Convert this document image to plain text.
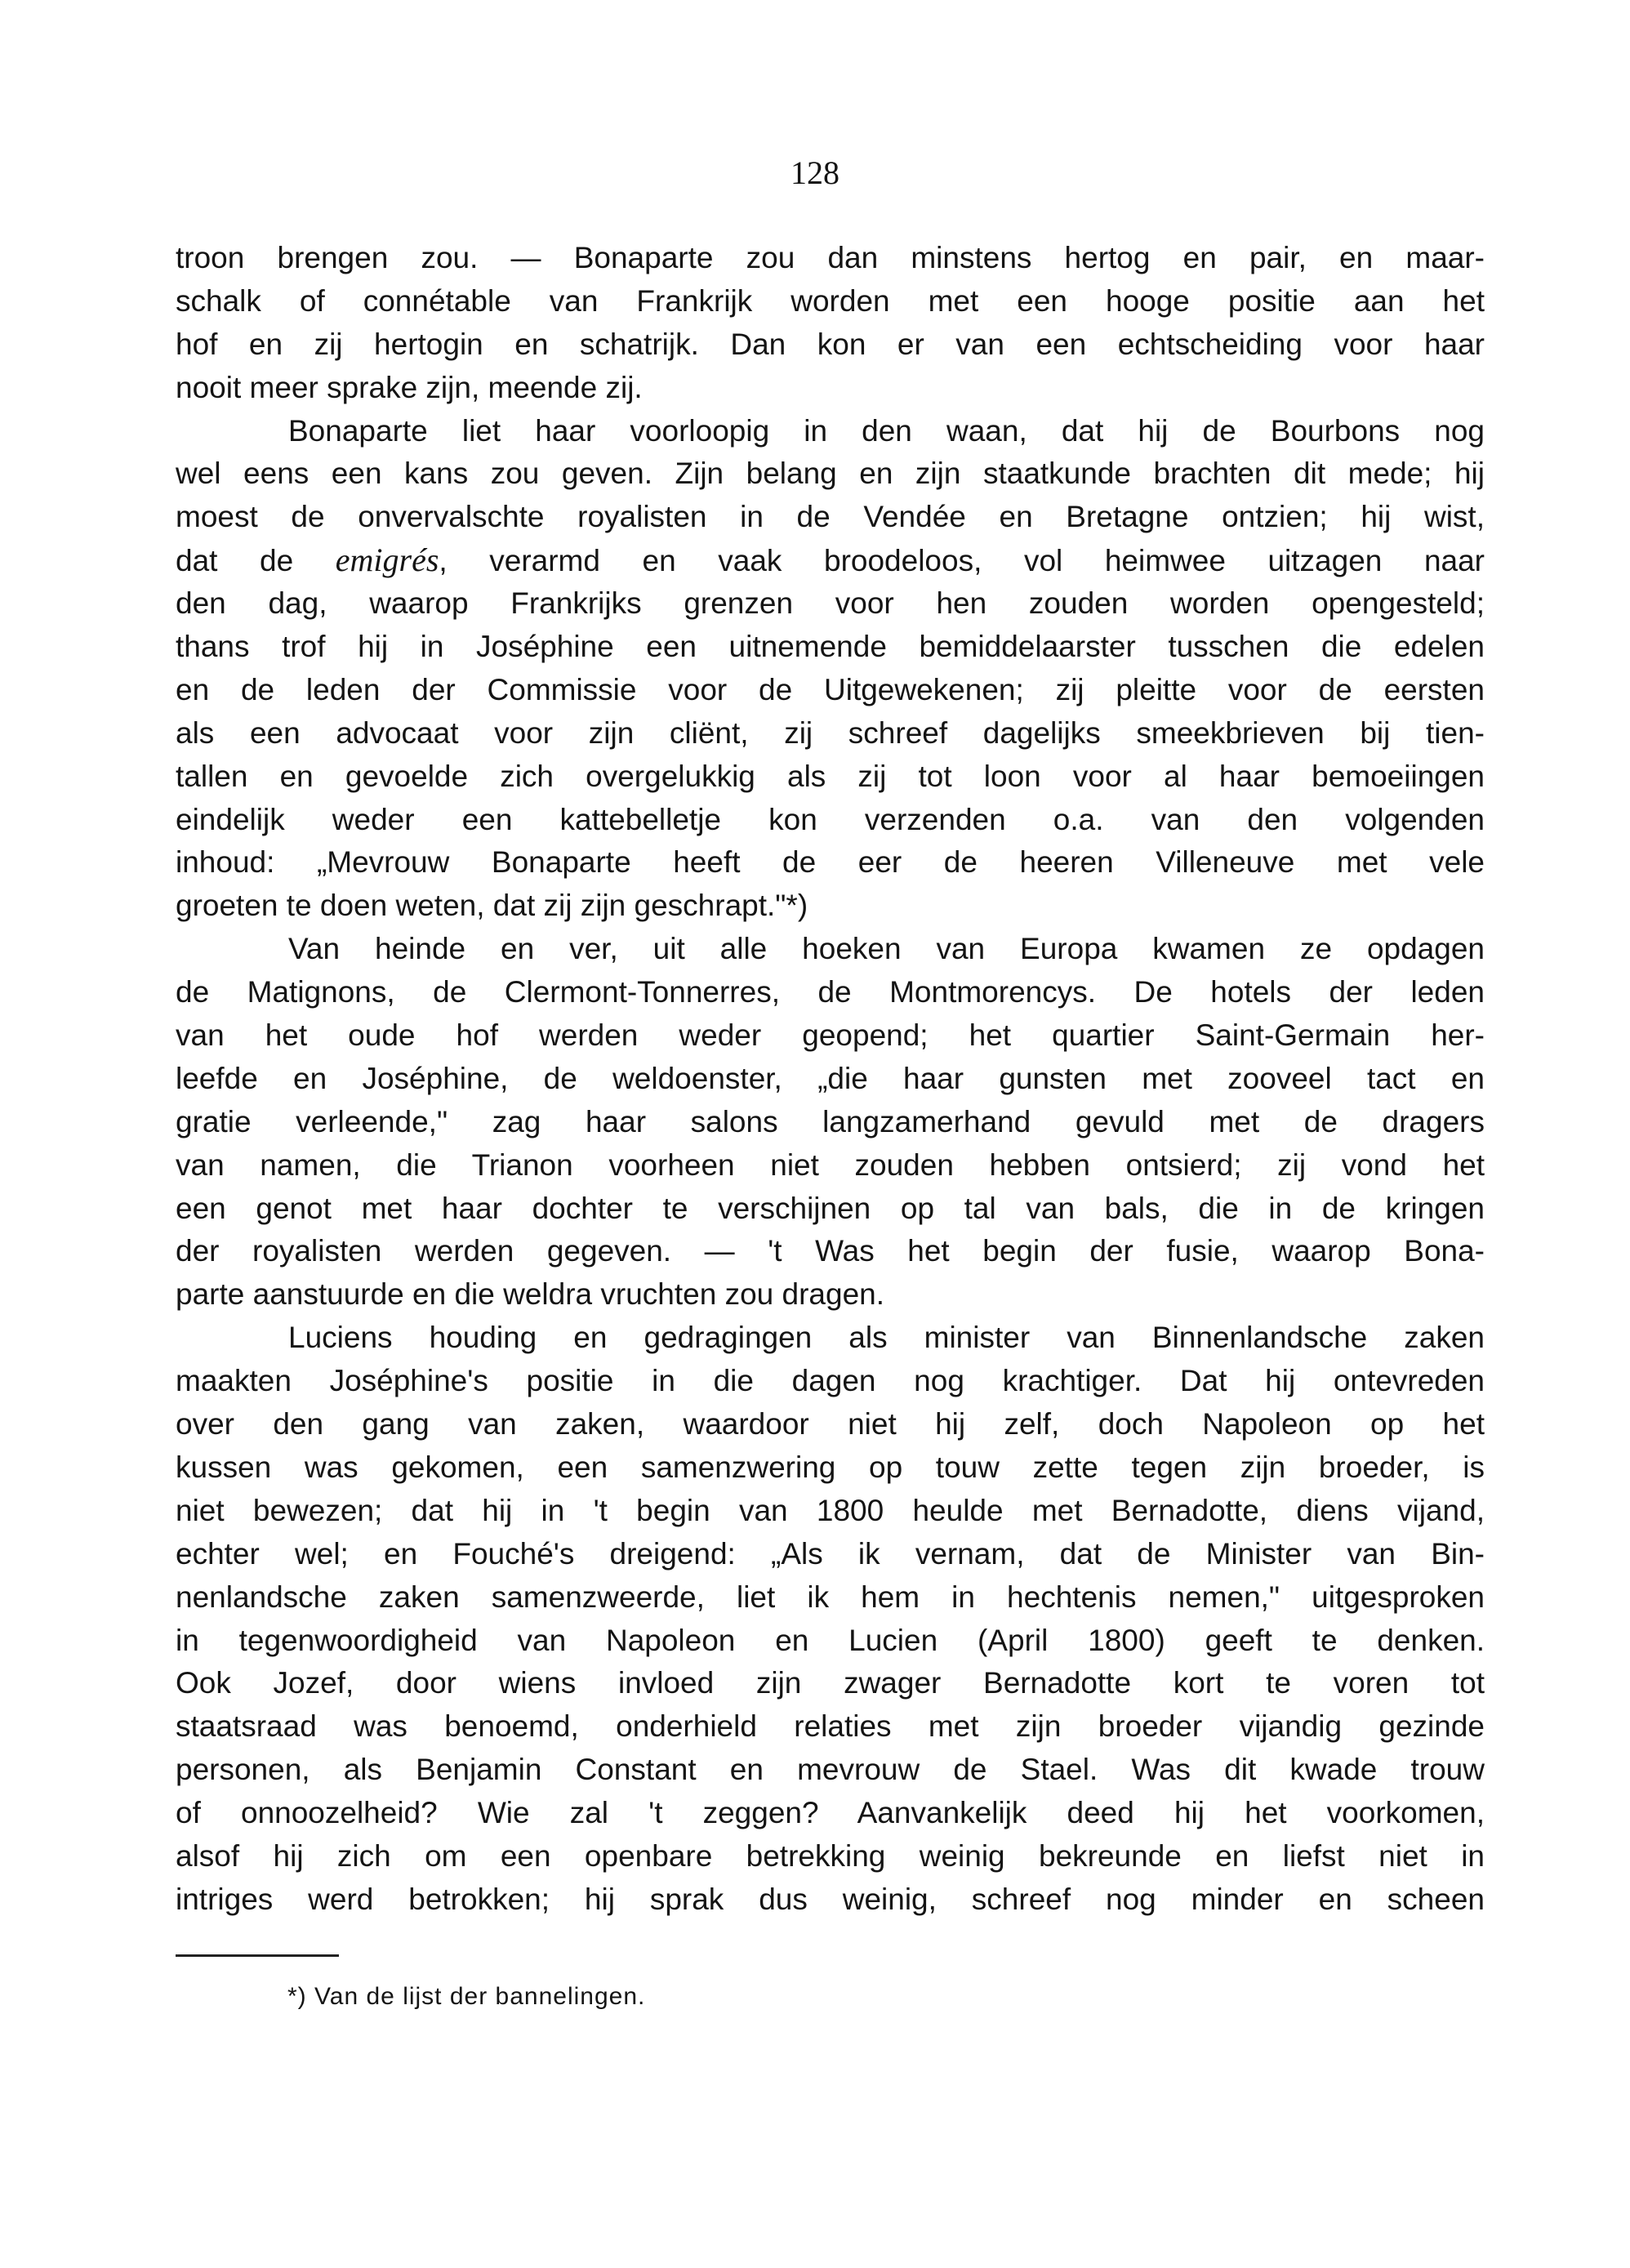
128
troon brengen zou. — Bonaparte zou dan minstens hertog en pair, en maar-
schalk of connétable van Frankrijk worden met een hooge positie aan het
hof en zij hertogin en schatrijk. Dan kon er van een echtscheiding voor haar
nooit meer sprake zijn, meende zij.
Bonaparte liet haar voorloopig in den waan, dat hij de Bourbons nog
wel eens een kans zou geven. Zijn belang en zijn staatkunde brachten dit mede; hij
moest de onvervalschte royalisten in de Vendée en Bretagne ontzien; hij wist,
dat de emigrés, verarmd en vaak broodeloos, vol heimwee uitzagen naar
den dag, waarop Frankrijks grenzen voor hen zouden worden opengesteld;
thans trof hij in Joséphine een uitnemende bemiddelaarster tusschen die edelen
en de leden der Commissie voor de Uitgewekenen; zij pleitte voor de eersten
als een advocaat voor zijn cliënt, zij schreef dagelijks smeekbrieven bij tien-
tallen en gevoelde zich overgelukkig als zij tot loon voor al haar bemoeiingen
eindelijk weder een kattebelletje kon verzenden o.a. van den volgenden
inhoud: „Mevrouw Bonaparte heeft de eer de heeren Villeneuve met vele
groeten te doen weten, dat zij zijn geschrapt."*)
Van heinde en ver, uit alle hoeken van Europa kwamen ze opdagen
de Matignons, de Clermont-Tonnerres, de Montmorencys. De hotels der leden
van het oude hof werden weder geopend; het quartier Saint-Germain her-
leefde en Joséphine, de weldoenster, „die haar gunsten met zooveel tact en
gratie verleende," zag haar salons langzamerhand gevuld met de dragers
van namen, die Trianon voorheen niet zouden hebben ontsierd; zij vond het
een genot met haar dochter te verschijnen op tal van bals, die in de kringen
der royalisten werden gegeven. — 't Was het begin der fusie, waarop Bona-
parte aanstuurde en die weldra vruchten zou dragen.
Luciens houding en gedragingen als minister van Binnenlandsche zaken
maakten Joséphine's positie in die dagen nog krachtiger. Dat hij ontevreden
over den gang van zaken, waardoor niet hij zelf, doch Napoleon op het
kussen was gekomen, een samenzwering op touw zette tegen zijn broeder, is
niet bewezen; dat hij in 't begin van 1800 heulde met Bernadotte, diens vijand,
echter wel; en Fouché's dreigend: „Als ik vernam, dat de Minister van Bin-
nenlandsche zaken samenzweerde, liet ik hem in hechtenis nemen," uitgesproken
in tegenwoordigheid van Napoleon en Lucien (April 1800) geeft te denken.
Ook Jozef, door wiens invloed zijn zwager Bernadotte kort te voren tot
staatsraad was benoemd, onderhield relaties met zijn broeder vijandig gezinde
personen, als Benjamin Constant en mevrouw de Stael. Was dit kwade trouw
of onnoozelheid? Wie zal 't zeggen? Aanvankelijk deed hij het voorkomen,
alsof hij zich om een openbare betrekking weinig bekreunde en liefst niet in
intriges werd betrokken; hij sprak dus weinig, schreef nog minder en scheen
*) Van de lijst der bannelingen.
